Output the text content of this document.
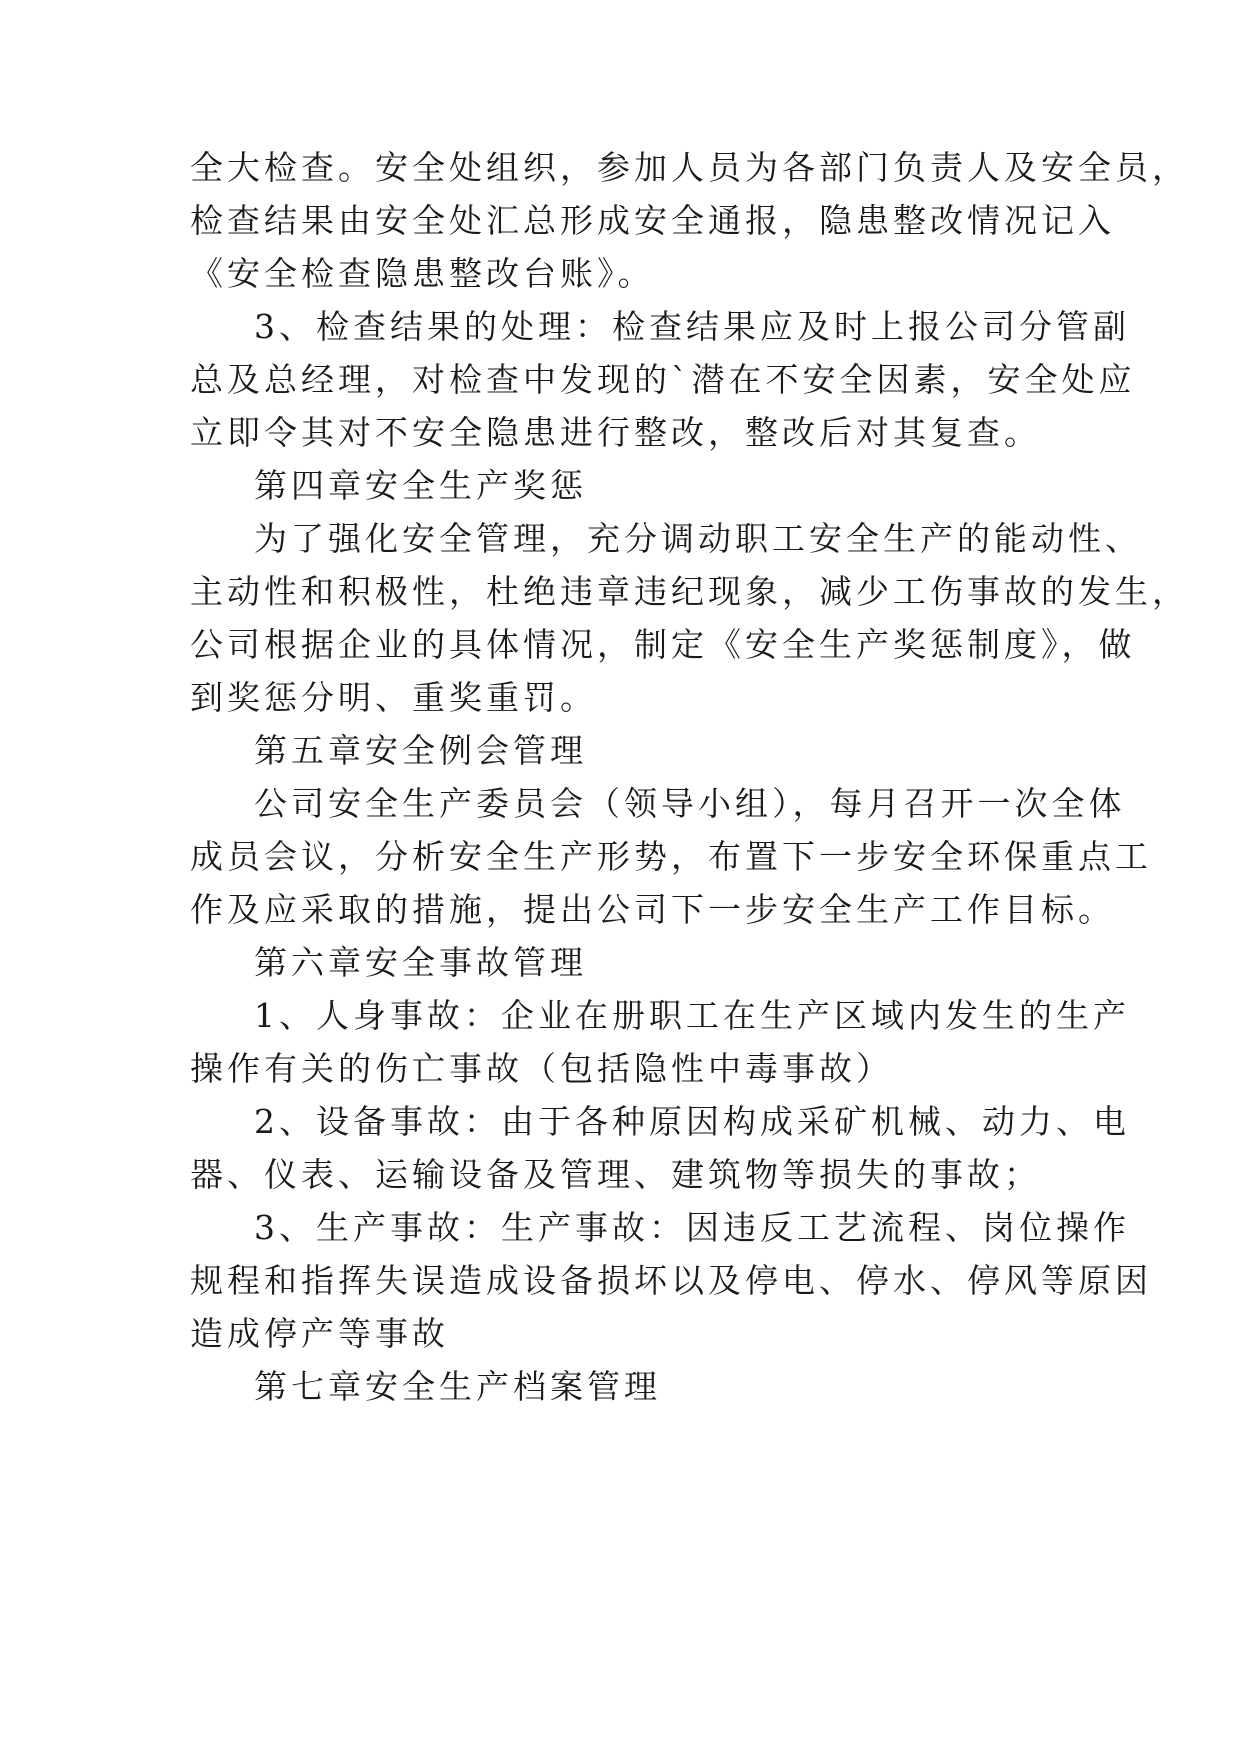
全大检查。安全处组织，参加人员为各部门负责人及安全员，
检查结果由安全处汇总形成安全通报，隐患整改情况记入
《安全检查隐患整改台账》。
3、检查结果的处理：检查结果应及时上报公司分管副
总及总经理，对检查中发现的`潜在不安全因素，安全处应
立即令其对不安全隐患进行整改，整改后对其复查。
第四章安全生产奖惩
为了强化安全管理，充分调动职工安全生产的能动性、
主动性和积极性，杜绝违章违纪现象，减少工伤事故的发生，
公司根据企业的具体情况，制定《安全生产奖惩制度》，做
到奖惩分明、重奖重罚。
第五章安全例会管理
公司安全生产委员会（领导小组），每月召开一次全体
成员会议，分析安全生产形势，布置下一步安全环保重点工
作及应采取的措施，提出公司下一步安全生产工作目标。
第六章安全事故管理
1、人身事故：企业在册职工在生产区域内发生的生产
操作有关的伤亡事故（包括隐性中毒事故）
2、设备事故：由于各种原因构成采矿机械、动力、电
器、仪表、运输设备及管理、建筑物等损失的事故；
3、生产事故：生产事故：因违反工艺流程、岗位操作
规程和指挥失误造成设备损坏以及停电、停水、停风等原因
造成停产等事故
第七章安全生产档案管理
